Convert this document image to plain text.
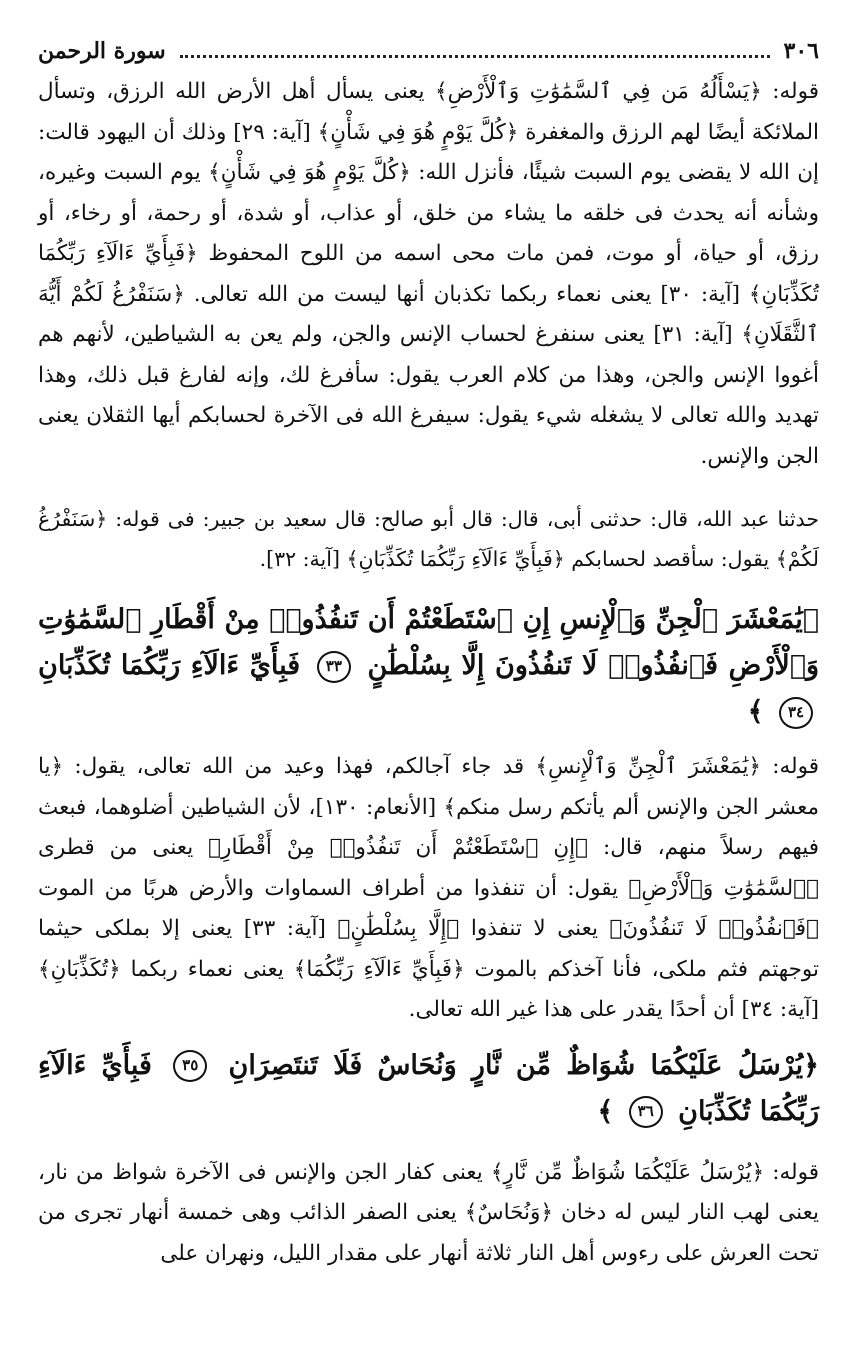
٣٠٦
سورة الرحمن

قوله: ﴿يَسْأَلُهُ مَن فِي ٱلسَّمَٰوَٰتِ وَٱلْأَرْضِ﴾ يعنى يسأل أهل الأرض الله الرزق، وتسأل الملائكة أيضًا لهم الرزق والمغفرة ﴿كُلَّ يَوْمٍ هُوَ فِي شَأْنٍ﴾ [آية: ٢٩] وذلك أن اليهود قالت: إن الله لا يقضى يوم السبت شيئًا، فأنزل الله: ﴿كُلَّ يَوْمٍ هُوَ فِي شَأْنٍ﴾ يوم السبت وغيره، وشأنه أنه يحدث فى خلقه ما يشاء من خلق، أو عذاب، أو شدة، أو رحمة، أو رخاء، أو رزق، أو حياة، أو موت، فمن مات محى اسمه من اللوح المحفوظ ﴿فَبِأَيِّ ءَالَآءِ رَبِّكُمَا تُكَذِّبَانِ﴾ [آية: ٣٠] يعنى نعماء ربكما تكذبان أنها ليست من الله تعالى. ﴿سَنَفْرُغُ لَكُمْ أَيُّهَ ٱلثَّقَلَانِ﴾ [آية: ٣١] يعنى سنفرغ لحساب الإنس والجن، ولم يعن به الشياطين، لأنهم هم أغووا الإنس والجن، وهذا من كلام العرب يقول: سأفرغ لك، وإنه لفارغ قبل ذلك، وهذا تهديد والله تعالى لا يشغله شيء يقول: سيفرغ الله فى الآخرة لحسابكم أيها الثقلان يعنى الجن والإنس.

حدثنا عبد الله، قال: حدثنى أبى، قال: قال أبو صالح: قال سعيد بن جبير: فى قوله: ﴿سَنَفْرُغُ لَكُمْ﴾ يقول: سأقصد لحسابكم ﴿فَبِأَيِّ ءَالَآءِ رَبِّكُمَا تُكَذِّبَانِ﴾ [آية: ٣٢].

﴿يَٰمَعْشَرَ ٱلْجِنِّ وَٱلْإِنسِ إِنِ ٱسْتَطَعْتُمْ أَن تَنفُذُوا۟ مِنْ أَقْطَارِ ٱلسَّمَٰوَٰتِ وَٱلْأَرْضِ فَٱنفُذُوا۟ لَا تَنفُذُونَ إِلَّا بِسُلْطَٰنٍ ٣٣ فَبِأَيِّ ءَالَآءِ رَبِّكُمَا تُكَذِّبَانِ ٣٤ ﴾

قوله: ﴿يَٰمَعْشَرَ ٱلْجِنِّ وَٱلْإِنسِ﴾ قد جاء آجالكم، فهذا وعيد من الله تعالى، يقول: ﴿يا معشر الجن والإنس ألم يأتكم رسل منكم﴾ [الأنعام: ١٣٠]، لأن الشياطين أضلوهما، فبعث فيهم رسلاً منهم، قال: ﴿إِنِ ٱسْتَطَعْتُمْ أَن تَنفُذُوا۟ مِنْ أَقْطَارِ﴾ يعنى من قطرى ﴿ٱلسَّمَٰوَٰتِ وَٱلْأَرْضِ﴾ يقول: أن تنفذوا من أطراف السماوات والأرض هربًا من الموت ﴿فَٱنفُذُوا۟ لَا تَنفُذُونَ﴾ يعنى لا تنفذوا ﴿إِلَّا بِسُلْطَٰنٍ﴾ [آية: ٣٣] يعنى إلا بملكى حيثما توجهتم فثم ملكى، فأنا آخذكم بالموت ﴿فَبِأَيِّ ءَالَآءِ رَبِّكُمَا﴾ يعنى نعماء ربكما ﴿تُكَذِّبَانِ﴾ [آية: ٣٤] أن أحدًا يقدر على هذا غير الله تعالى.

﴿يُرْسَلُ عَلَيْكُمَا شُوَاظٌ مِّن نَّارٍ وَنُحَاسٌ فَلَا تَنتَصِرَانِ ٣٥ فَبِأَيِّ ءَالَآءِ رَبِّكُمَا تُكَذِّبَانِ ٣٦ ﴾

قوله: ﴿يُرْسَلُ عَلَيْكُمَا شُوَاظٌ مِّن نَّارٍ﴾ يعنى كفار الجن والإنس فى الآخرة شواظ من نار، يعنى لهب النار ليس له دخان ﴿وَنُحَاسٌ﴾ يعنى الصفر الذائب وهى خمسة أنهار تجرى من تحت العرش على رءوس أهل النار ثلاثة أنهار على مقدار الليل، ونهران على
